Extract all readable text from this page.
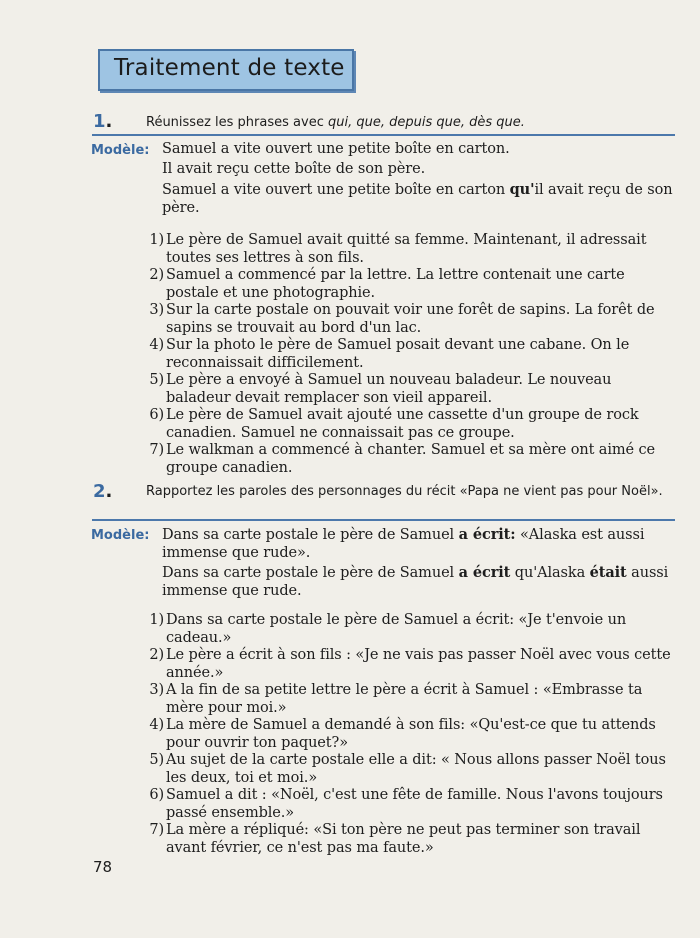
Traitement de texte
1.	Réunissez les phrases avec qui, que, depuis que, dès que.
Modèle: Samuel a vite ouvert une petite boîte en carton.
Il avait reçu cette boîte de son père.
Samuel a vite ouvert une petite boîte en carton qu'il avait reçu de son père.
1) Le père de Samuel avait quitté sa femme. Maintenant, il adressait toutes ses lettres à son fils.
2) Samuel a commencé par la lettre. La lettre contenait une carte postale et une photographie.
3) Sur la carte postale on pouvait voir une forêt de sapins. La forêt de sapins se trouvait au bord d'un lac.
4) Sur la photo le père de Samuel posait devant une cabane. On le reconnaissait difficilement.
5) Le père a envoyé à Samuel un nouveau baladeur. Le nouveau baladeur devait remplacer son vieil appareil.
6) Le père de Samuel avait ajouté une cassette d'un groupe de rock canadien. Samuel ne connaissait pas ce groupe.
7) Le walkman a commencé à chanter. Samuel et sa mère ont aimé ce groupe canadien.
2.	Rapportez les paroles des personnages du récit «Papa ne vient pas pour Noël».
Modèle: Dans sa carte postale le père de Samuel a écrit: «Alaska est aussi immense que rude».
Dans sa carte postale le père de Samuel a écrit qu'Alaska était aussi immense que rude.
1) Dans sa carte postale le père de Samuel a écrit: «Je t'envoie un cadeau.»
2) Le père a écrit à son fils : «Je ne vais pas passer Noël avec vous cette année.»
3) A la fin de sa petite lettre le père a écrit à Samuel : «Embrasse ta mère pour moi.»
4) La mère de Samuel a demandé à son fils: «Qu'est-ce que tu attends pour ouvrir ton paquet?»
5) Au sujet de la carte postale elle a dit: « Nous allons passer Noël tous les deux, toi et moi.»
6) Samuel a dit : «Noël, c'est une fête de famille. Nous l'avons toujours passé ensemble.»
7) La mère a répliqué: «Si ton père ne peut pas terminer son travail avant février, ce n'est pas ma faute.»
78
